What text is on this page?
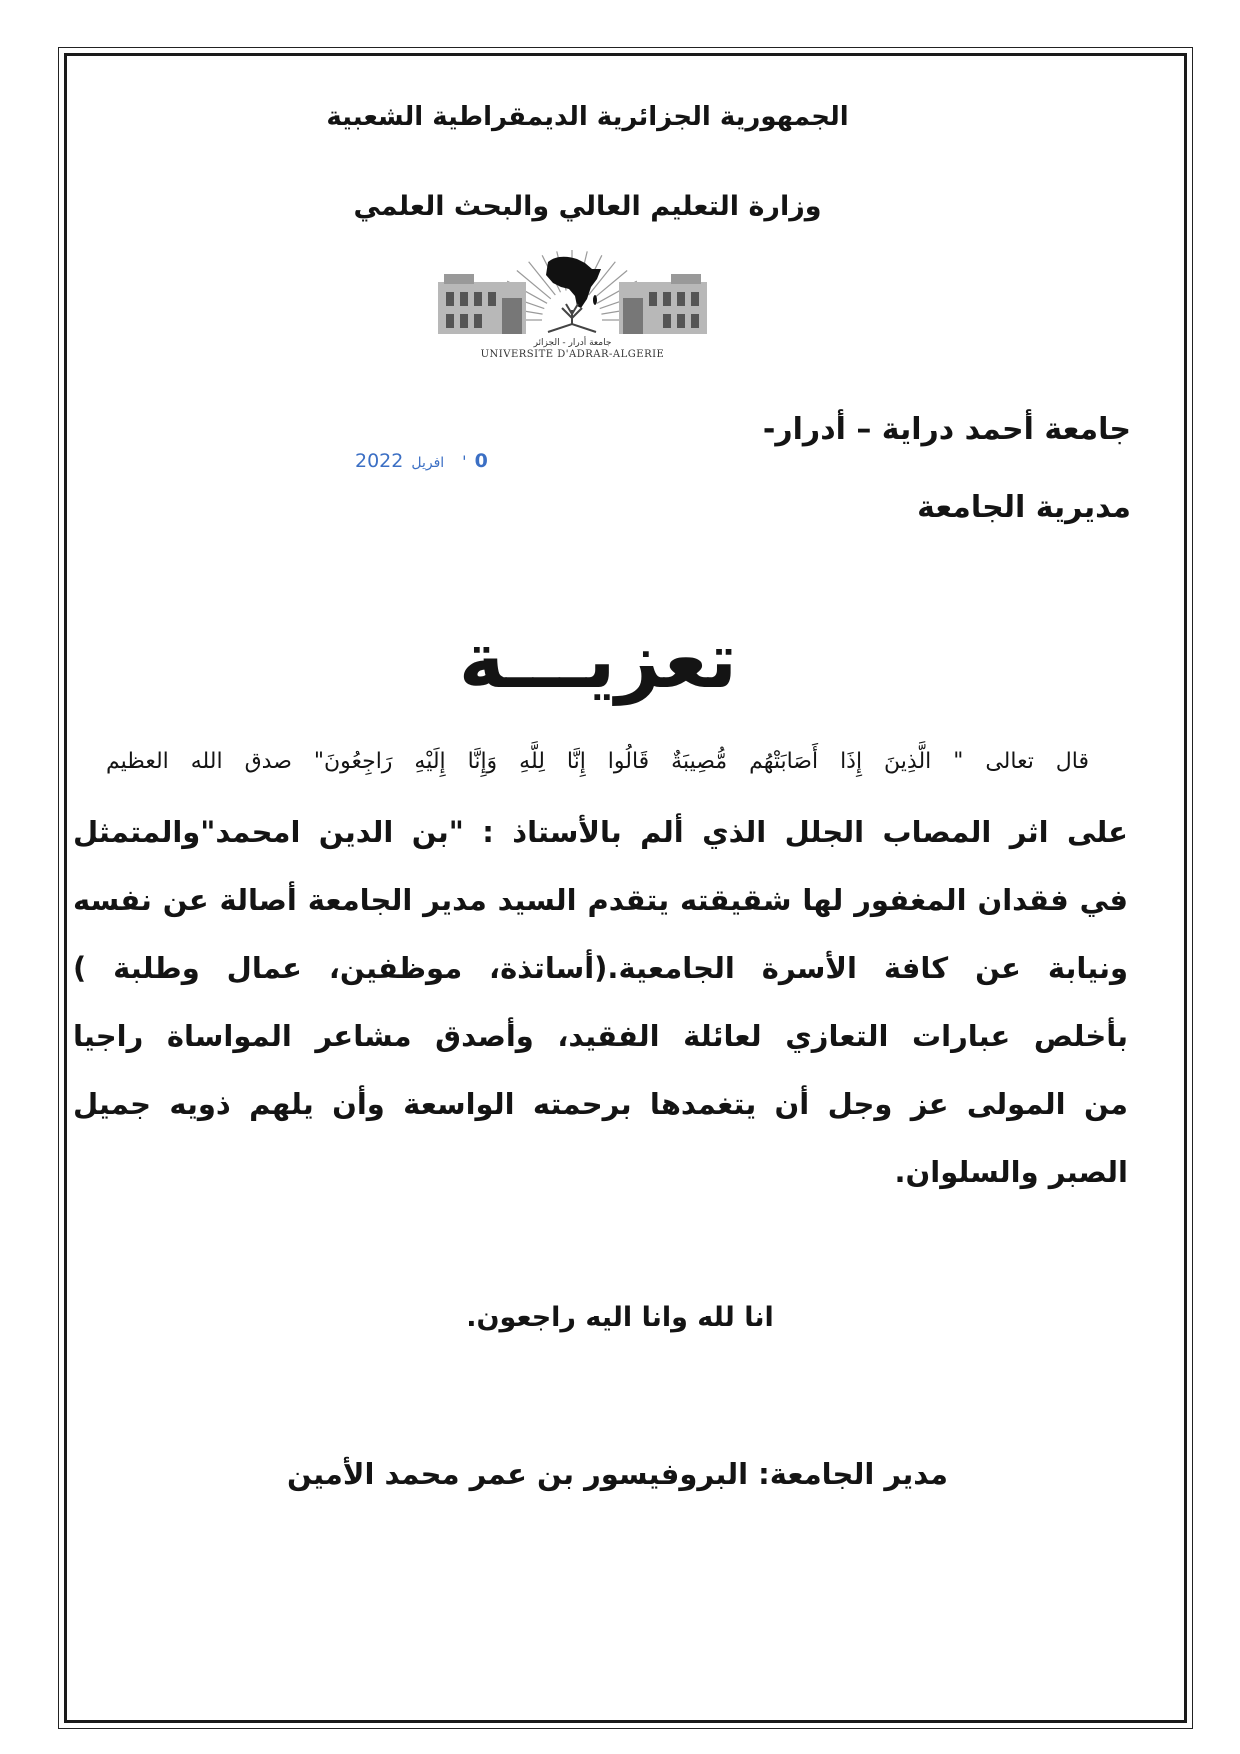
الجمهورية الجزائرية الديمقراطية الشعبية
وزارة التعليم العالي والبحث العلمي
جامعة أدرار - الجزائر
UNIVERSITE D'ADRAR-ALGERIE
جامعة أحمد دراية – أدرار-
2022 افريل ' 0
مديرية الجامعة
تعزيـــة
قال تعالى " الَّذِينَ إِذَا أَصَابَتْهُم مُّصِيبَةٌ قَالُوا إِنَّا لِلَّهِ وَإِنَّا إِلَيْهِ رَاجِعُونَ" صدق الله العظيم
على اثر المصاب الجلل الذي ألم بالأستاذ : "بن الدين امحمد"والمتمثل
في فقدان المغفور لها شقيقته يتقدم السيد مدير الجامعة أصالة عن نفسه
ونيابة عن كافة الأسرة الجامعية.(أساتذة، موظفين، عمال وطلبة )
بأخلص عبارات التعازي لعائلة الفقيد، وأصدق مشاعر المواساة راجيا
من المولى عز وجل أن يتغمدها برحمته الواسعة وأن يلهم ذويه جميل
الصبر والسلوان.
انا لله وانا اليه راجعون.
مدير الجامعة: البروفيسور بن عمر محمد الأمين
